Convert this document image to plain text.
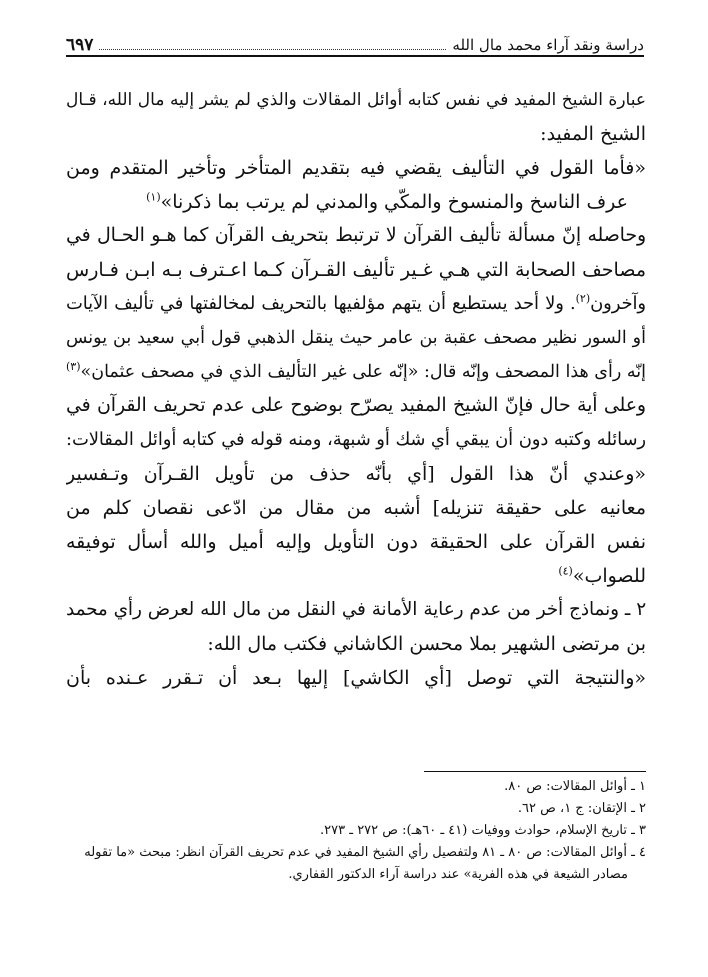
دراسة ونقد آراء محمد مال الله
٦٩٧
عبارة الشيخ المفيد في نفس كتابه أوائل المقالات والذي لم يشر إليه مال الله، قـال
الشيخ المفيد:
«فأما القول في التأليف يقضي فيه بتقديم المتأخر وتأخير المتقدم ومن
عرف الناسخ والمنسوخ والمكّي والمدني لم يرتب بما ذكرنا»$^{(١)}$
وحاصله إنّ مسألة تأليف القرآن لا ترتبط بتحريف القرآن كما هـو الحـال في
مصاحف الصحابة التي هـي غـير تأليف القـرآن كـما اعـترف بـه ابـن فـارس
وآخرون$^{(٢)}$. ولا أحد يستطيع أن يتهم مؤلفيها بالتحريف لمخالفتها في تأليف الآيات
أو السور نظير مصحف عقبة بن عامر حيث ينقل الذهبي قول أبي سعيد بن يونس
إنّه رأى هذا المصحف وإنّه قال: «إنّه على غير التأليف الذي في مصحف عثمان»$^{(٣)}$
وعلى أية حال فإنّ الشيخ المفيد يصرّح بوضوح على عدم تحريف القرآن في
رسائله وكتبه دون أن يبقي أي شك أو شبهة، ومنه قوله في كتابه أوائل المقالات:
«وعندي أنّ هذا القول [أي بأنّه حذف من تأويل القـرآن وتـفسير
معانيه على حقيقة تنزيله] أشبه من مقال من ادّعى نقصان كلم من
نفس القرآن على الحقيقة دون التأويل وإليه أميل والله أسأل توفيقه
للصواب»$^{(٤)}$
٢ ـ ونماذج أخر من عدم رعاية الأمانة في النقل من مال الله لعرض رأي محمد
بن مرتضى الشهير بملا محسن الكاشاني فكتب مال الله:
«والنتيجة التي توصل [أي الكاشي] إليها بـعد أن تـقرر عـنده بأن
١ ـ أوائل المقالات: ص ٨٠.
٢ ـ الإتقان: ج ١، ص ٦٢.
٣ ـ تاريخ الإسلام، حوادث ووفيات (٤١ ـ ٦٠هـ): ص ٢٧٢ ـ ٢٧٣.
٤ ـ أوائل المقالات: ص ٨٠ ـ ٨١ ولتفصيل رأي الشيخ المفيد في عدم تحريف القرآن انظر: مبحث «ما تقوله
مصادر الشيعة في هذه الفرية» عند دراسة آراء الدكتور القفاري.
